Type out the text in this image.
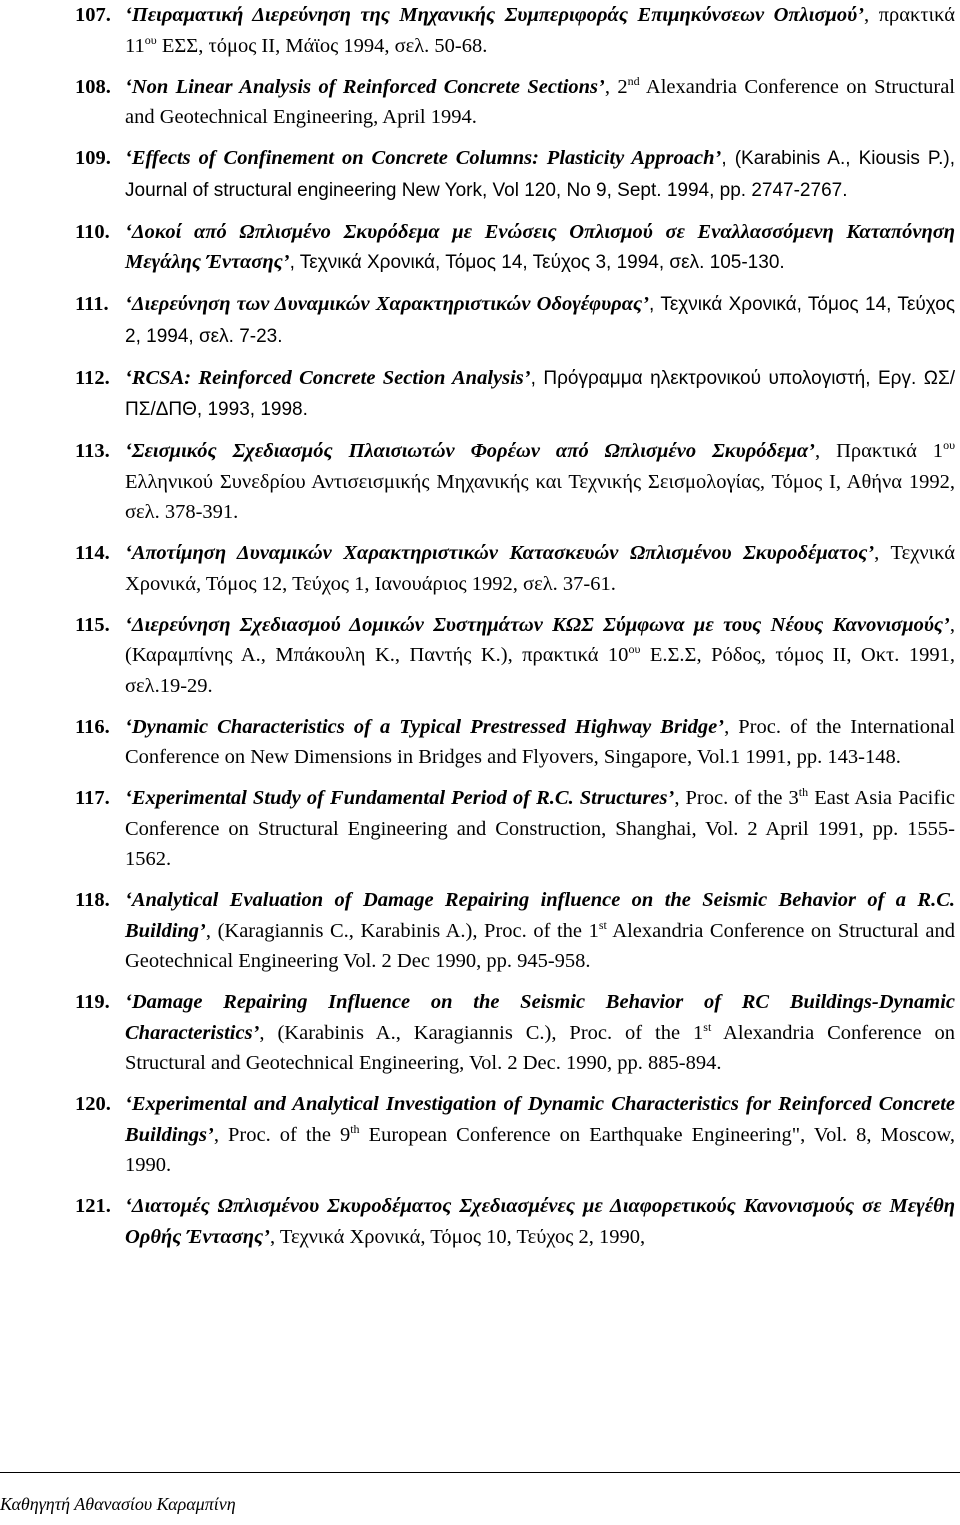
107. ‘Πειραματική Διερεύνηση της Μηχανικής Συμπεριφοράς Επιμηκύνσεων Οπλισμού’, πρακτικά $11^{o\upsilon}$ ΕΣΣ, τόμος ΙΙ, Μάϊος 1994, σελ. 50-68.
108. ‘Non Linear Analysis of Reinforced Concrete Sections’, 2nd Alexandria Conference on Structural and Geotechnical Engineering, April 1994.
109. ‘Effects of Confinement on Concrete Columns: Plasticity Approach’, (Karabinis A., Kiousis P.), Journal of structural engineering New York, Vol 120, No 9, Sept. 1994, pp. 2747-2767.
110. ‘Δοκοί από Ωπλισμένο Σκυρόδεμα με Ενώσεις Οπλισμού σε Εναλλασσόμενη Καταπόνηση Μεγάλης Έντασης’, Τεχνικά Χρονικά, Τόμος 14, Τεύχος 3, 1994, σελ. 105-130.
111. ‘Διερεύνηση των Δυναμικών Χαρακτηριστικών Οδογέφυρας’, Τεχνικά Χρονικά, Τόμος 14, Τεύχος 2, 1994, σελ. 7-23.
112. ‘RCSA: Reinforced Concrete Section Analysis’, Πρόγραμμα ηλεκτρονικού υπολογιστή, Εργ. ΩΣ/ΠΣ/ΔΠΘ, 1993, 1998.
113. ‘Σεισμικός Σχεδιασμός Πλαισιωτών Φορέων από Ωπλισμένο Σκυρόδεμα’, Πρακτικά $1^{o\upsilon}$ Ελληνικού Συνεδρίου Αντισεισμικής Μηχανικής και Τεχνικής Σεισμολογίας, Τόμος Ι, Αθήνα 1992, σελ. 378-391.
114. ‘Αποτίμηση Δυναμικών Χαρακτηριστικών Κατασκευών Ωπλισμένου Σκυροδέματος’, Τεχνικά Χρονικά, Τόμος 12, Τεύχος 1, Ιανουάριος 1992, σελ. 37-61.
115. ‘Διερεύνηση Σχεδιασμού Δομικών Συστημάτων ΚΩΣ Σύμφωνα με τους Νέους Κανονισμούς’, (Καραμπίνης Α., Μπάκουλη Κ., Παντής Κ.), πρακτικά $10^{o\upsilon}$ Ε.Σ.Σ, Ρόδος, τόμος ΙΙ, Οκτ. 1991, σελ.19-29.
116. ‘Dynamic Characteristics of a Typical Prestressed Highway Bridge’, Proc. of the International Conference on New Dimensions in Bridges and Flyovers, Singapore, Vol.1 1991, pp. 143-148.
117. ‘Experimental Study of Fundamental Period of R.C. Structures’, Proc. of the 3th East Asia Pacific Conference on Structural Engineering and Construction, Shanghai, Vol. 2 April 1991, pp. 1555-1562.
118. ‘Analytical Evaluation of Damage Repairing influence on the Seismic Behavior of a R.C. Building’, (Karagiannis C., Karabinis A.), Proc. of the 1st Alexandria Conference on Structural and Geotechnical Engineering Vol. 2 Dec 1990, pp. 945-958.
119. ‘Damage Repairing Influence on the Seismic Behavior of RC Buildings-Dynamic Characteristics’, (Karabinis A., Karagiannis C.), Proc. of the 1st Alexandria Conference on Structural and Geotechnical Engineering, Vol. 2 Dec. 1990, pp. 885-894.
120. ‘Experimental and Analytical Investigation of Dynamic Characteristics for Reinforced Concrete Buildings’, Proc. of the 9th European Conference on Earthquake Engineering", Vol. 8, Moscow, 1990.
121. ‘Διατομές Ωπλισμένου Σκυροδέματος Σχεδιασμένες με Διαφορετικούς Κανονισμούς σε Μεγέθη Ορθής Έντασης’, Τεχνικά Χρονικά, Τόμος 10, Τεύχος 2, 1990,
Καθηγητή Αθανασίου Καραμπίνη
